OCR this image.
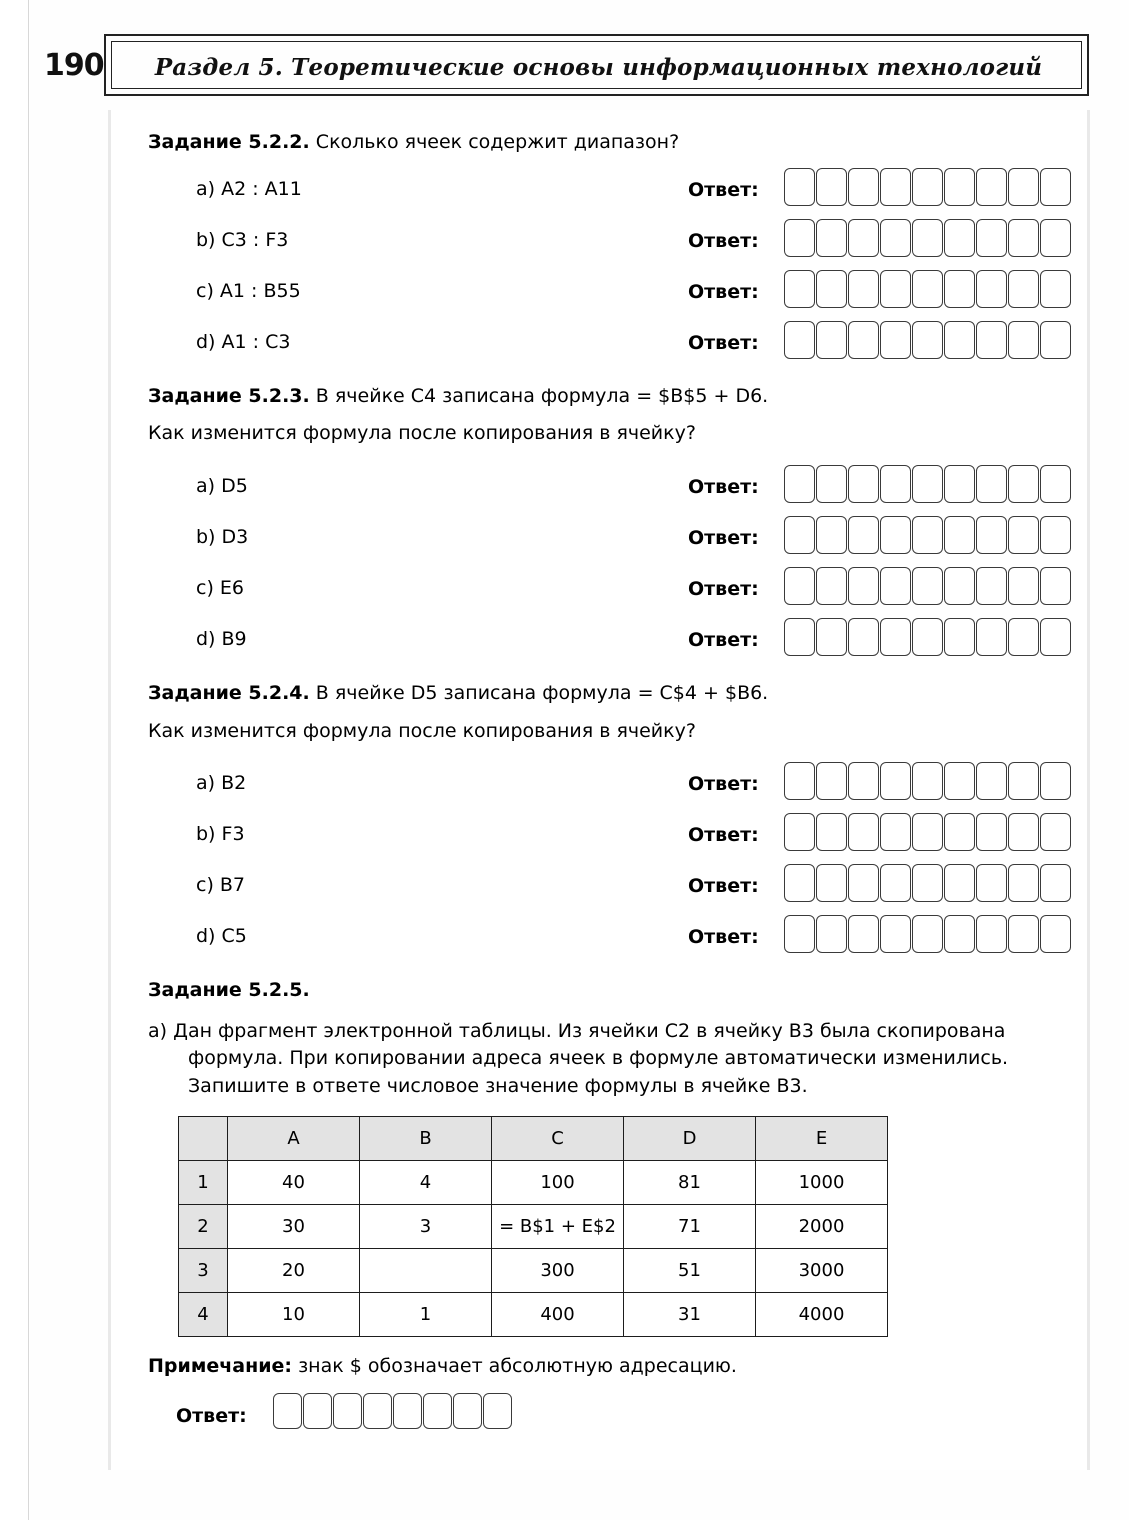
190	Раздел 5. Теоретические основы информационных технологий
Задание 5.2.2. Сколько ячеек содержит диапазон?
a) A2 : A11	Ответ:
b) C3 : F3	Ответ:
c) A1 : B55	Ответ:
d) A1 : C3	Ответ:
Задание 5.2.3. В ячейке C4 записана формула = $B$5 + D6.
Как изменится формула после копирования в ячейку?
a) D5	Ответ:
b) D3	Ответ:
c) E6	Ответ:
d) B9	Ответ:
Задание 5.2.4. В ячейке D5 записана формула = C$4 + $B6.
Как изменится формула после копирования в ячейку?
a) B2	Ответ:
b) F3	Ответ:
c) B7	Ответ:
d) C5	Ответ:
Задание 5.2.5.
a) Дан фрагмент электронной таблицы. Из ячейки C2 в ячейку B3 была скопирована формула. При копировании адреса ячеек в формуле автоматически изменились. Запишите в ответе числовое значение формулы в ячейке B3.
	A	B	C	D	E
1	40	4	100	81	1000
2	30	3	= B$1 + E$2	71	2000
3	20		300	51	3000
4	10	1	400	31	4000
Примечание: знак $ обозначает абсолютную адресацию.
Ответ:
